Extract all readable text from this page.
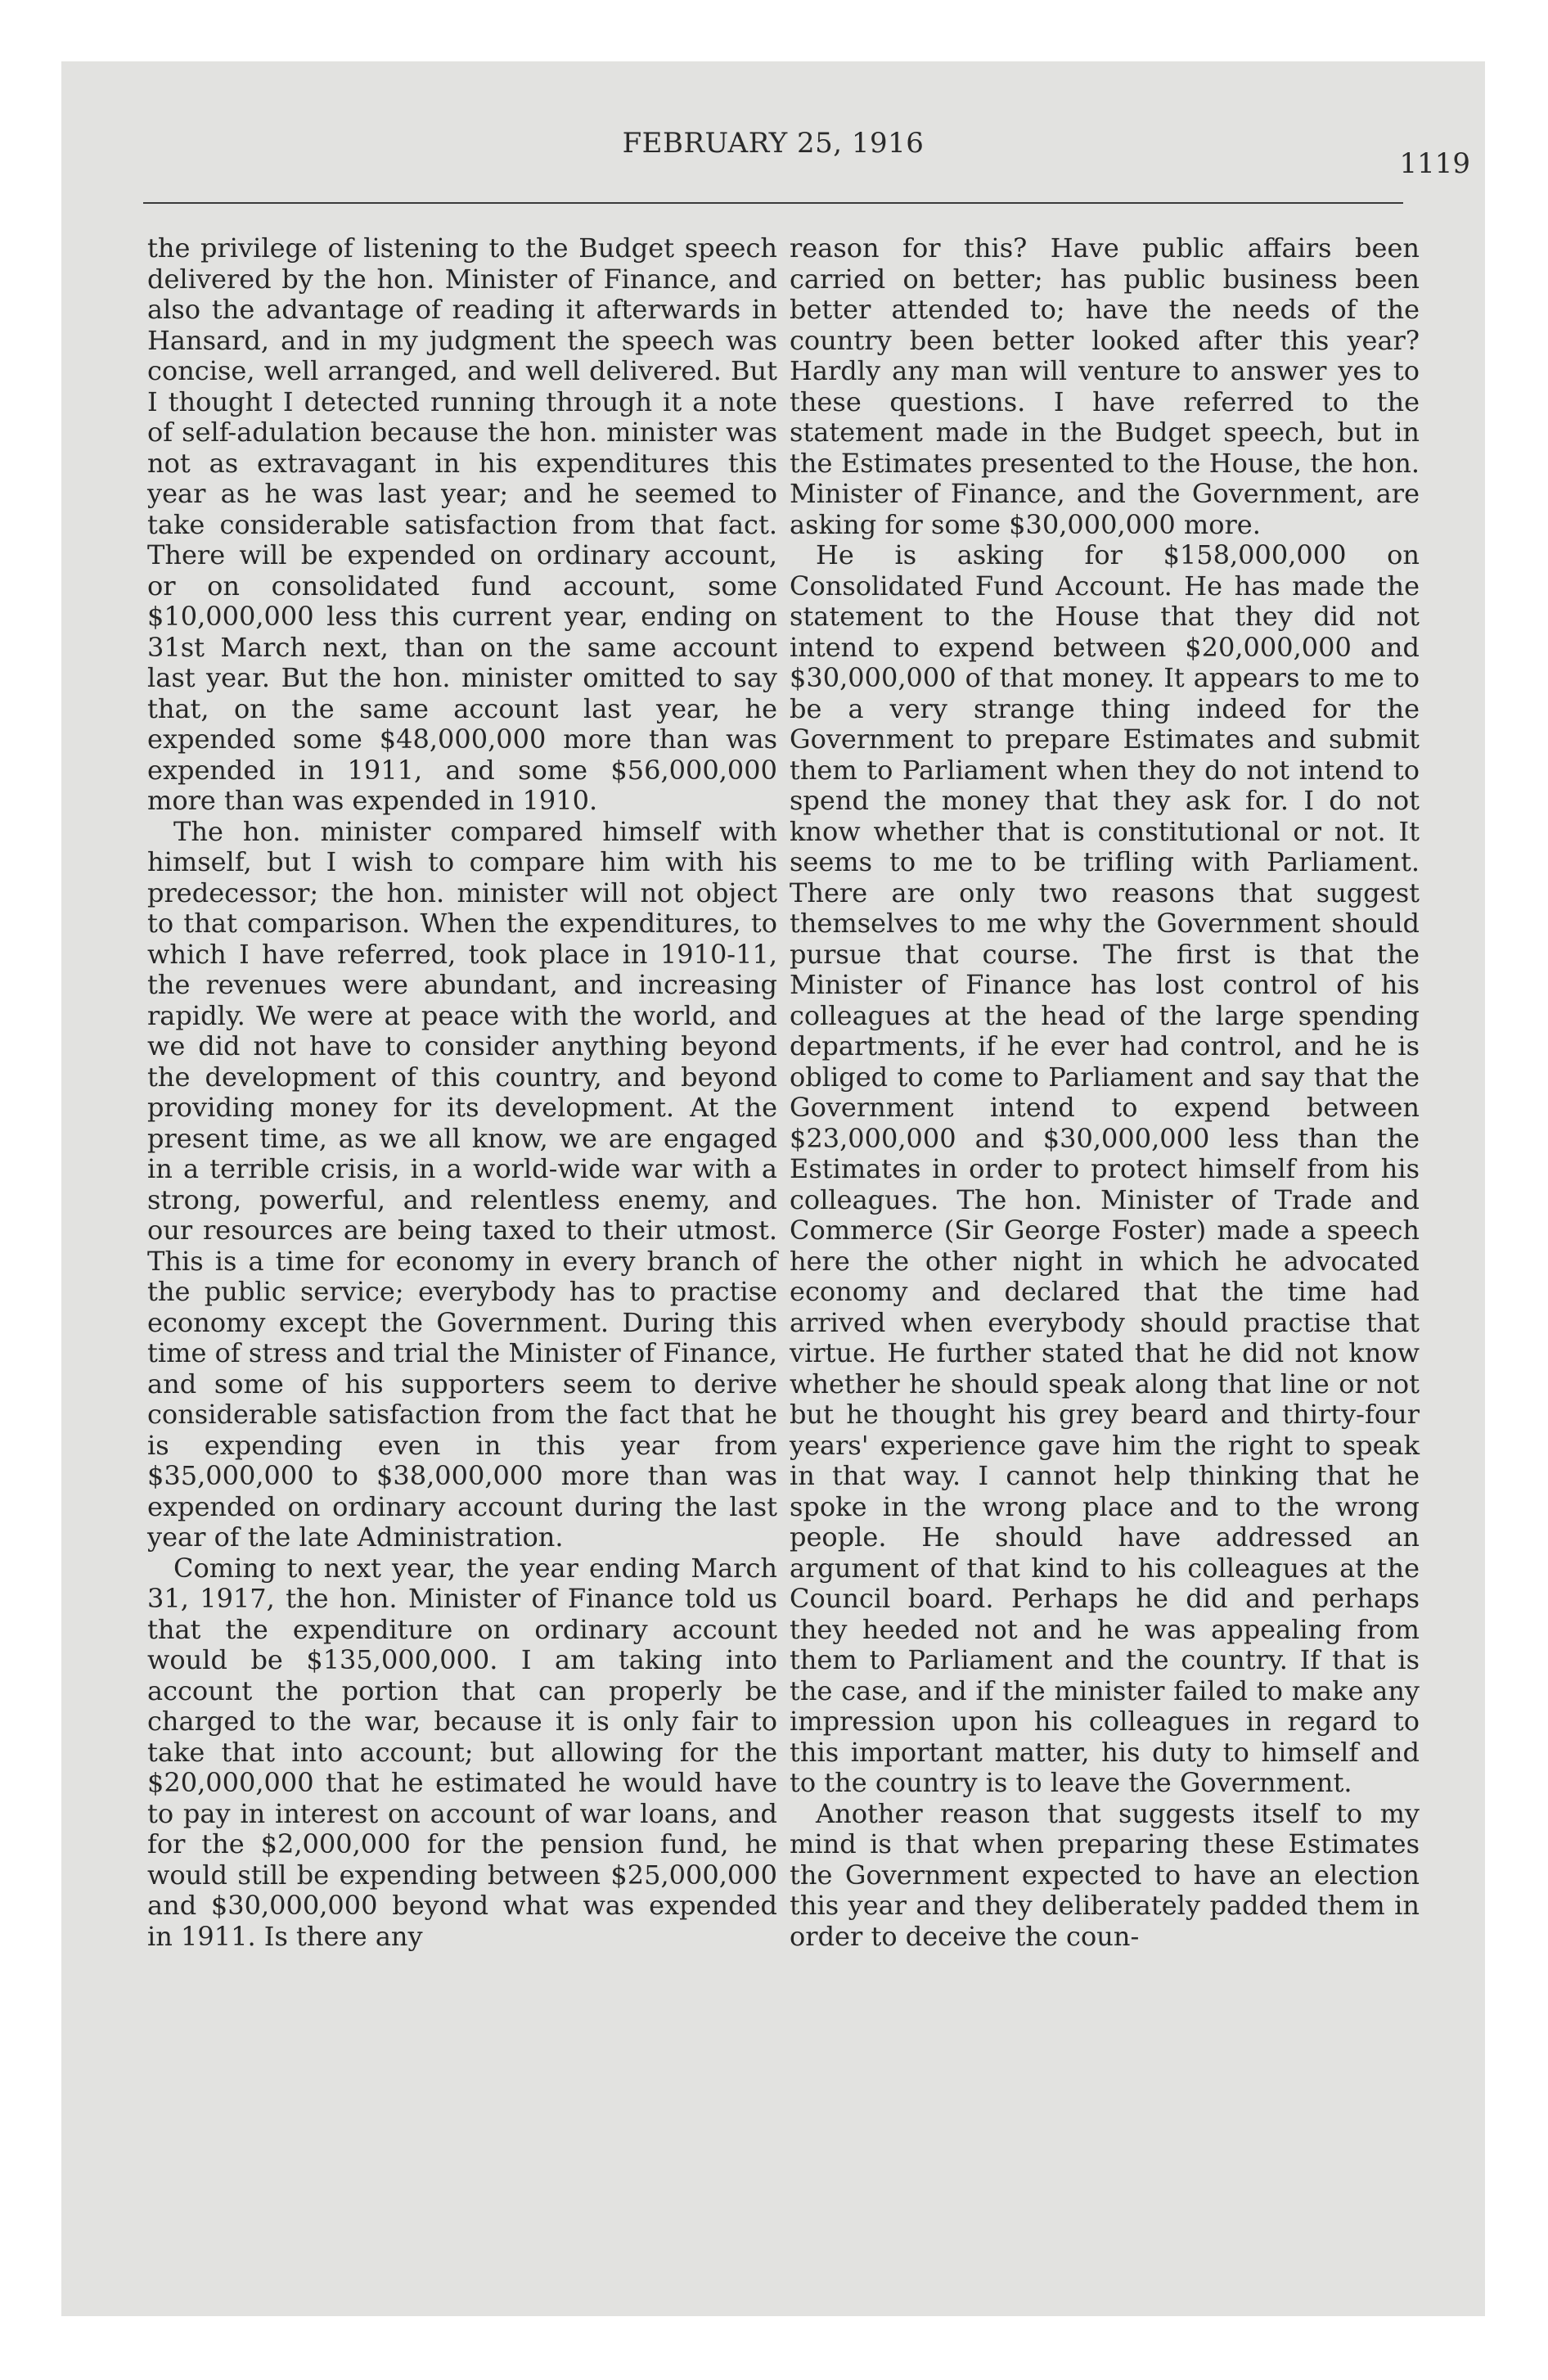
FEBRUARY 25, 1916

the privilege of listening to the Budget speech delivered by the hon. Minister of Finance, and also the advantage of reading it afterwards in Hansard, and in my judgment the speech was concise, well arranged, and well delivered. But I thought I detected running through it a note of self-adulation because the hon. minister was not as extravagant in his expenditures this year as he was last year; and he seemed to take considerable satisfaction from that fact. There will be expended on ordinary account, or on consolidated fund account, some $10,000,000 less this current year, ending on 31st March next, than on the same account last year. But the hon. minister omitted to say that, on the same account last year, he expended some $48,000,000 more than was expended in 1911, and some $56,000,000 more than was expended in 1910.

The hon. minister compared himself with himself, but I wish to compare him with his predecessor; the hon. minister will not object to that comparison. When the expenditures, to which I have referred, took place in 1910-11, the revenues were abundant, and increasing rapidly. We were at peace with the world, and we did not have to consider anything beyond the development of this country, and beyond providing money for its development. At the present time, as we all know, we are engaged in a terrible crisis, in a world-wide war with a strong, powerful, and relentless enemy, and our resources are being taxed to their utmost. This is a time for economy in every branch of the public service; everybody has to practise economy except the Government. During this time of stress and trial the Minister of Finance, and some of his supporters seem to derive considerable satisfaction from the fact that he is expending even in this year from $35,000,000 to $38,000,000 more than was expended on ordinary account during the last year of the late Administration.

Coming to next year, the year ending March 31, 1917, the hon. Minister of Finance told us that the expenditure on ordinary account would be $135,000,000. I am taking into account the portion that can properly be charged to the war, because it is only fair to take that into account; but allowing for the $20,000,000 that he estimated he would have to pay in interest on account of war loans, and for the $2,000,000 for the pension fund, he would still be expending between $25,000,000 and $30,000,000 beyond what was expended in 1911. Is there any

reason for this? Have public affairs been carried on better; has public business been better attended to; have the needs of the country been better looked after this year? Hardly any man will venture to answer yes to these questions. I have referred to the statement made in the Budget speech, but in the Estimates presented to the House, the hon. Minister of Finance, and the Government, are asking for some $30,000,000 more.

He is asking for $158,000,000 on Consolidated Fund Account. He has made the statement to the House that they did not intend to expend between $20,000,000 and $30,000,000 of that money. It appears to me to be a very strange thing indeed for the Government to prepare Estimates and submit them to Parliament when they do not intend to spend the money that they ask for. I do not know whether that is constitutional or not. It seems to me to be trifling with Parliament. There are only two reasons that suggest themselves to me why the Government should pursue that course. The first is that the Minister of Finance has lost control of his colleagues at the head of the large spending departments, if he ever had control, and he is obliged to come to Parliament and say that the Government intend to expend between $23,000,000 and $30,000,000 less than the Estimates in order to protect himself from his colleagues. The hon. Minister of Trade and Commerce (Sir George Foster) made a speech here the other night in which he advocated economy and declared that the time had arrived when everybody should practise that virtue. He further stated that he did not know whether he should speak along that line or not but he thought his grey beard and thirty-four years' experience gave him the right to speak in that way. I cannot help thinking that he spoke in the wrong place and to the wrong people. He should have addressed an argument of that kind to his colleagues at the Council board. Perhaps he did and perhaps they heeded not and he was appealing from them to Parliament and the country. If that is the case, and if the minister failed to make any impression upon his colleagues in regard to this important matter, his duty to himself and to the country is to leave the Government.

Another reason that suggests itself to my mind is that when preparing these Estimates the Government expected to have an election this year and they deliberately padded them in order to deceive the coun-

1119
